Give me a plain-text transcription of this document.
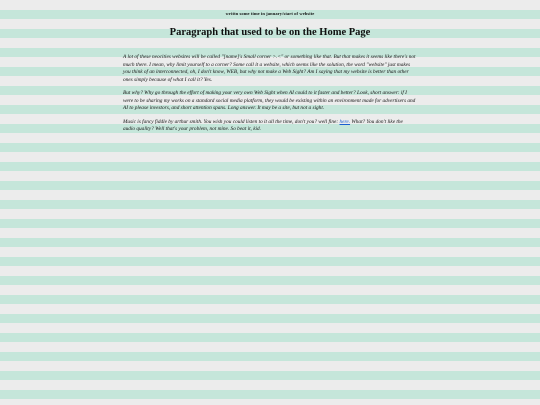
writtn some time in january/start of website
Paragraph that used to be on the Home Page

A lot of these neocities websites will be called "[name]'s Small corner >.<" or something like that. But that makes it seems like there's not much there. I mean, why limit yourself to a corner? Some call it a website, which seems like the solution, the word "website" just makes you think of an interconnected, oh, I don't know, WEB, but why not make a Web Sight? Am I saying that my website is better than other ones simply because of what I call it? Yes.

But why? Why go through the effort of making your very own Web Sight when AI could to it faster and better? Look, short answer: if I were to be sharing my works on a standard social media platform, they would be existing within an environment made for advertisers and AI to please investors, and short attention spans. Long answer. It may be a site, but not a sight.

Music is fancy fiddle by arthur smith. You wish you could listen to it all the time, don't you? well fine: here. What? You don't like the audio quality? Well that's your problem, not mine. So beat it, kid.
